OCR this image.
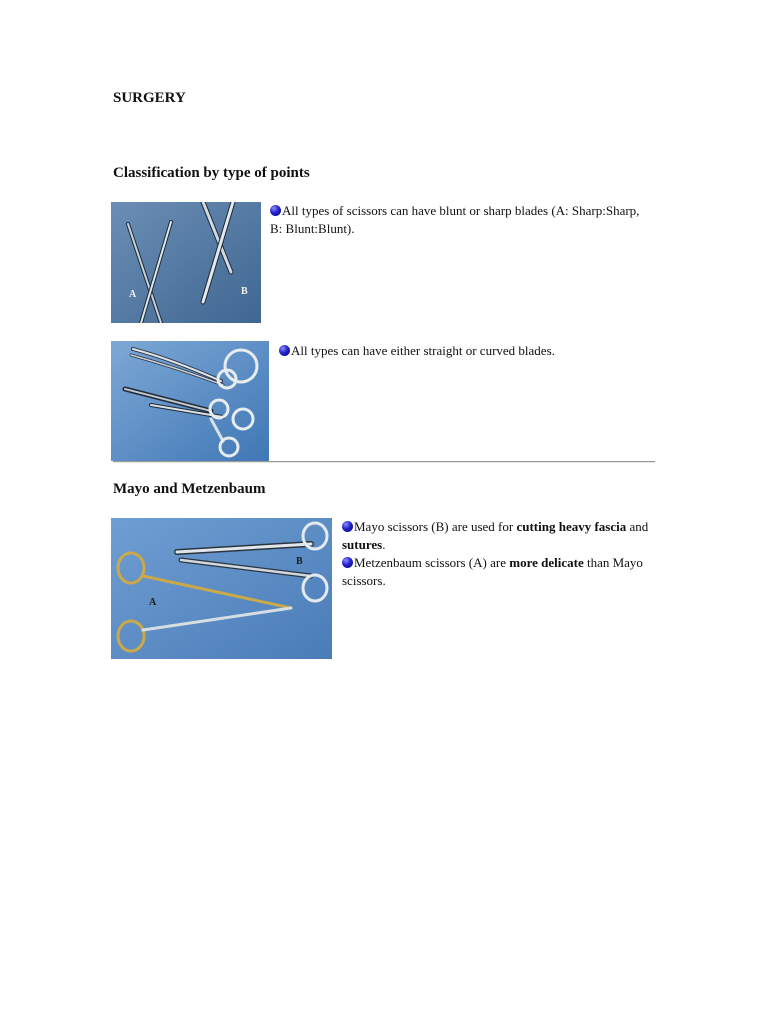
SURGERY
Classification by type of points
A	B
All types of scissors can have blunt or sharp blades (A: Sharp:Sharp, B: Blunt:Blunt).
All types can have either straight or curved blades.
Mayo and Metzenbaum
A
B
Mayo scissors (B) are used for cutting heavy fascia and sutures.
Metzenbaum scissors (A) are more delicate than Mayo scissors.
